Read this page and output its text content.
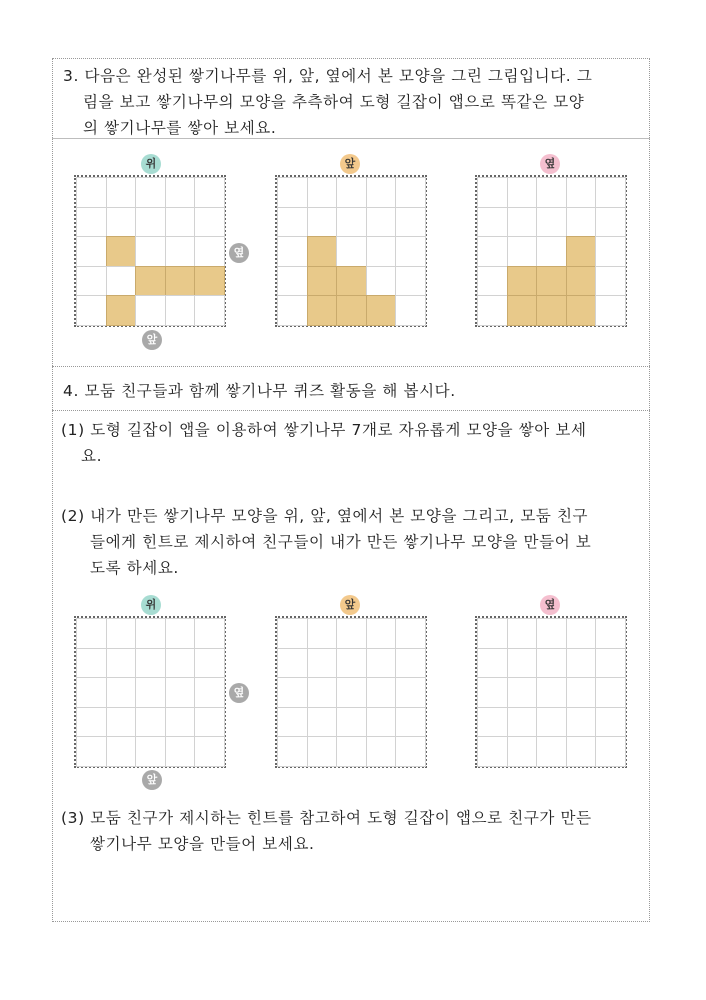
3. 다음은 완성된 쌓기나무를 위, 앞, 옆에서 본 모양을 그린 그림입니다. 그
림을 보고 쌓기나무의 모양을 추측하여 도형 길잡이 앱으로 똑같은 모양
의 쌓기나무를 쌓아 보세요.
위	앞	옆
옆
앞
4. 모둠 친구들과 함께 쌓기나무 퀴즈 활동을 해 봅시다.
(1) 도형 길잡이 앱을 이용하여 쌓기나무 7개로 자유롭게 모양을 쌓아 보세
요.
(2) 내가 만든 쌓기나무 모양을 위, 앞, 옆에서 본 모양을 그리고, 모둠 친구
들에게 힌트로 제시하여 친구들이 내가 만든 쌓기나무 모양을 만들어 보
도록 하세요.
위	앞	옆
옆
앞
(3) 모둠 친구가 제시하는 힌트를 참고하여 도형 길잡이 앱으로 친구가 만든
쌓기나무 모양을 만들어 보세요.
